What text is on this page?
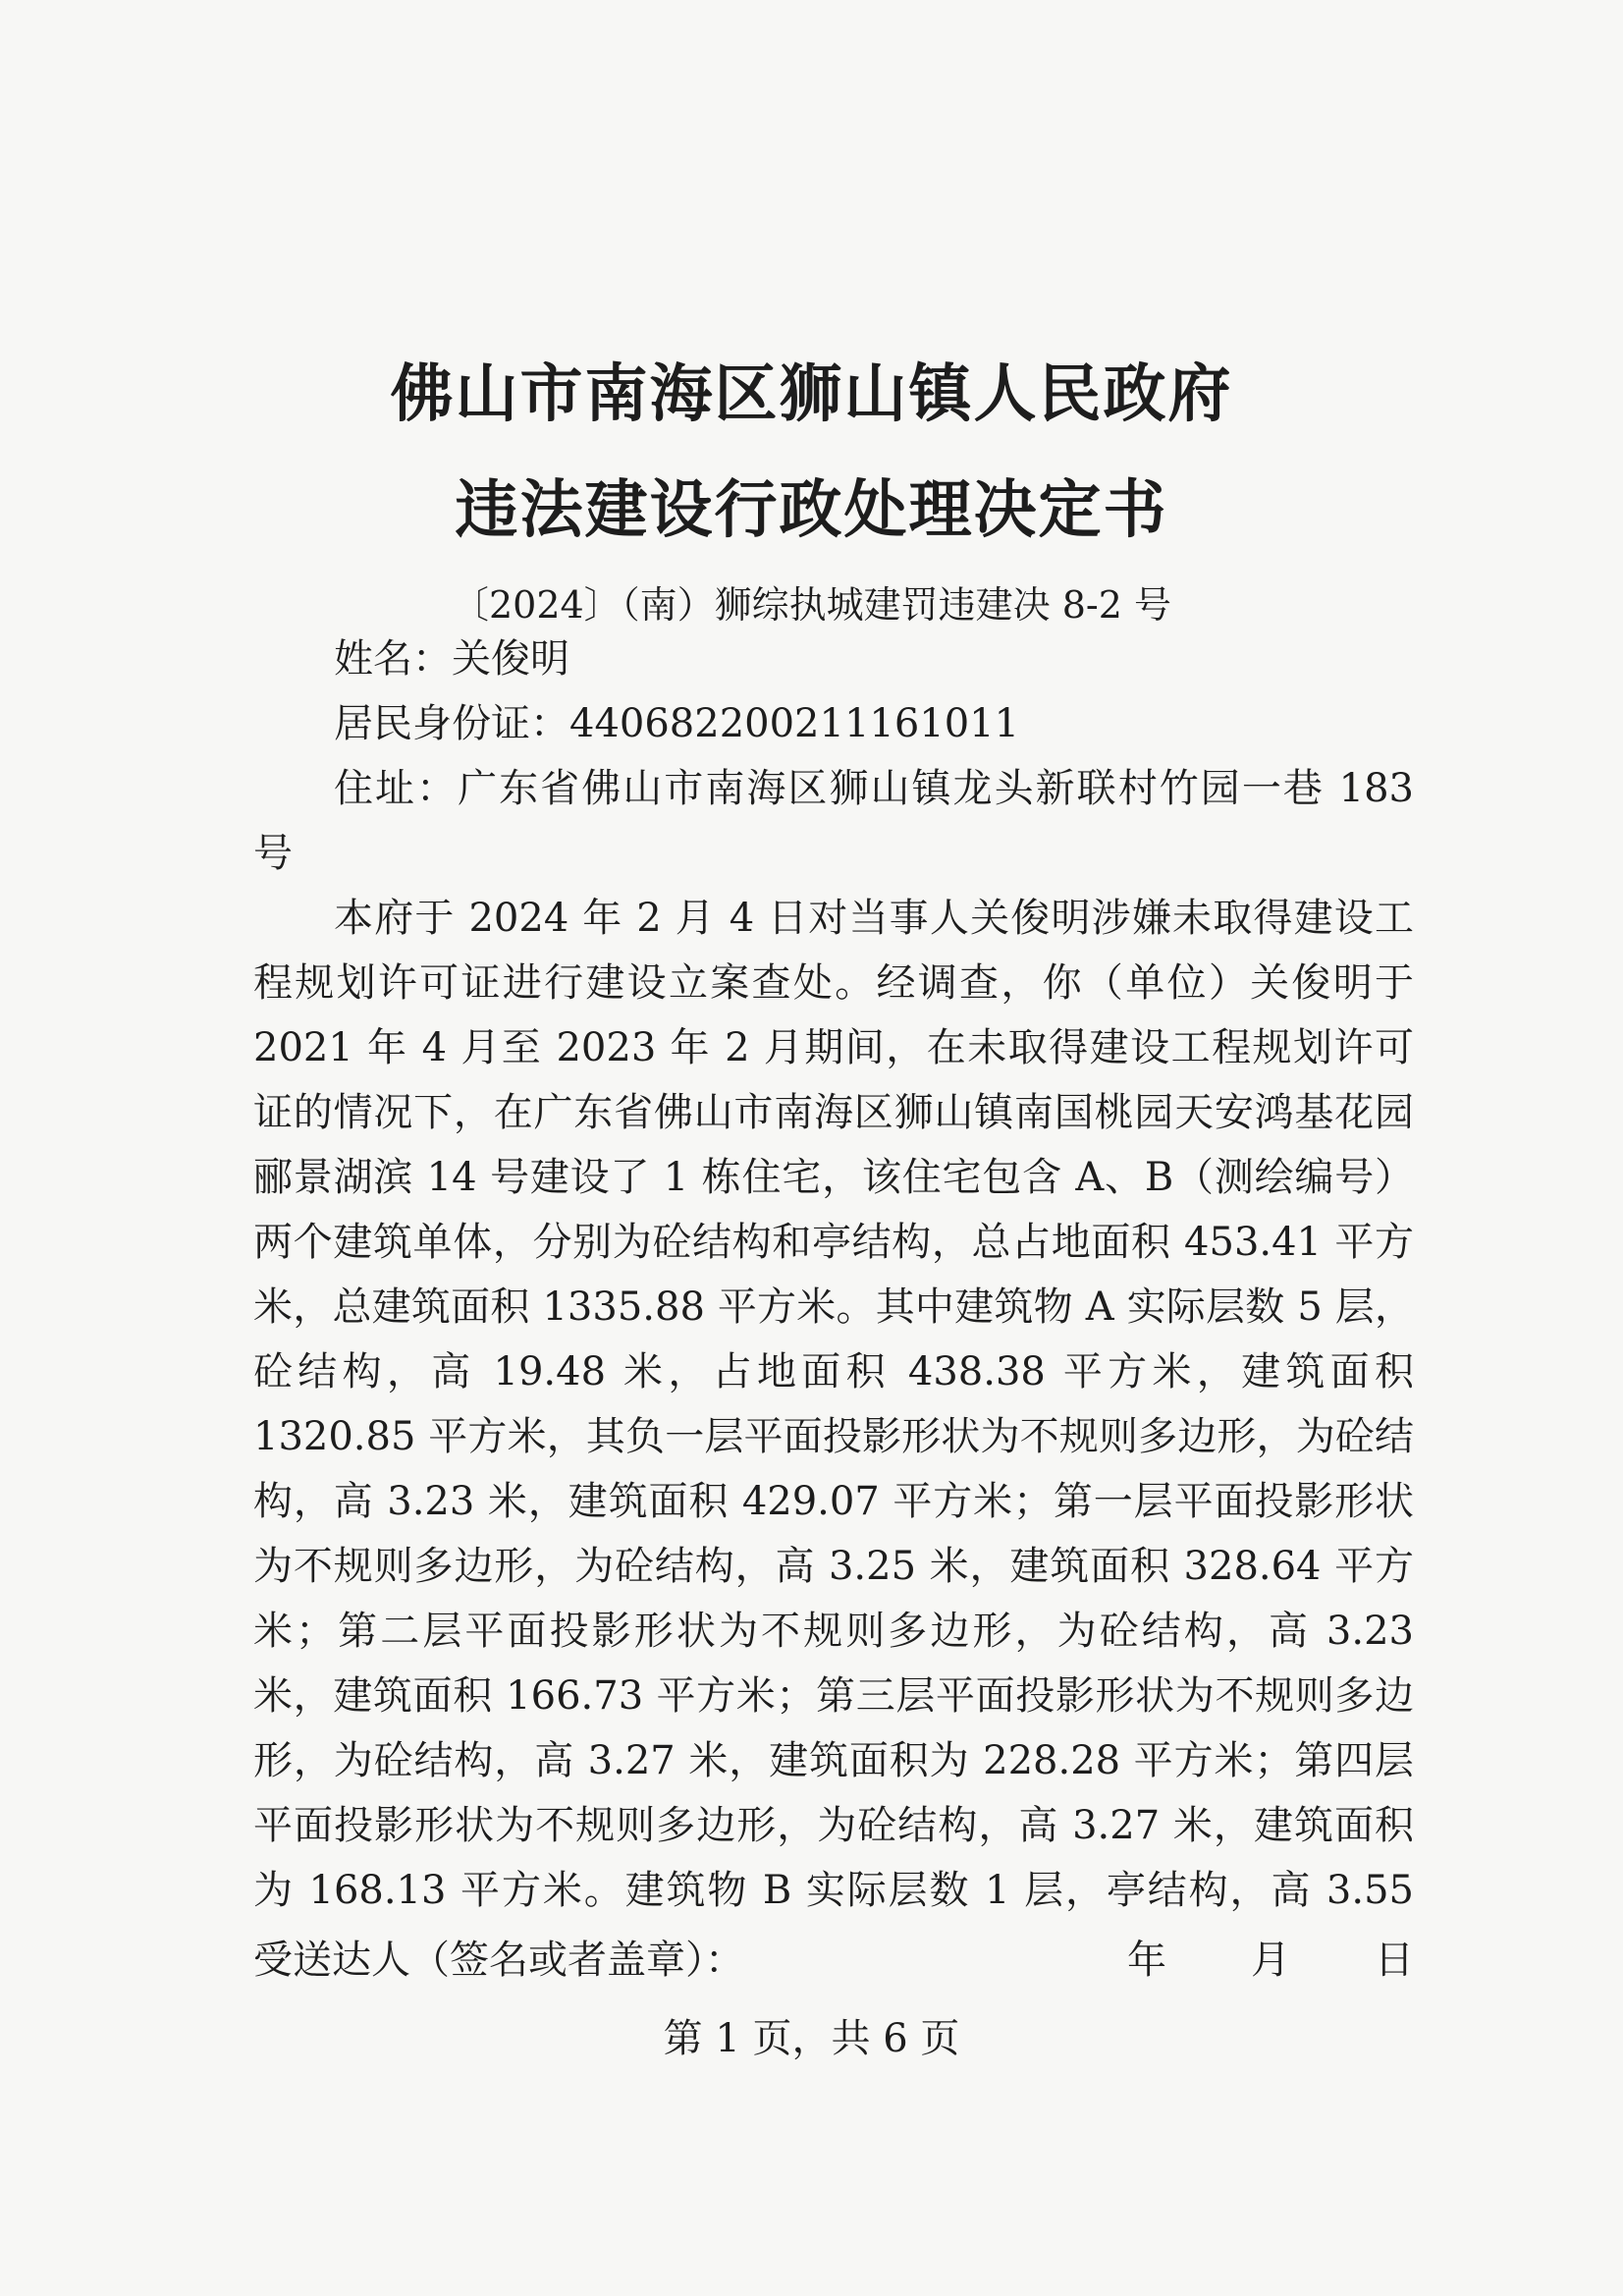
佛山市南海区狮山镇人民政府
违法建设行政处理决定书
〔2024〕（南）狮综执城建罚违建决 8-2 号
姓名：关俊明
居民身份证：440682200211161011
住址：广东省佛山市南海区狮山镇龙头新联村竹园一巷 183 号
本府于 2024 年 2 月 4 日对当事人关俊明涉嫌未取得建设工程规划许可证进行建设立案查处。经调查，你（单位）关俊明于 2021 年 4 月至 2023 年 2 月期间，在未取得建设工程规划许可证的情况下，在广东省佛山市南海区狮山镇南国桃园天安鸿基花园郦景湖滨 14 号建设了 1 栋住宅，该住宅包含 A、B（测绘编号）两个建筑单体，分别为砼结构和亭结构，总占地面积 453.41 平方米，总建筑面积 1335.88 平方米。其中建筑物 A 实际层数 5 层，砼结构，高 19.48 米，占地面积 438.38 平方米，建筑面积 1320.85 平方米，其负一层平面投影形状为不规则多边形，为砼结构，高 3.23 米，建筑面积 429.07 平方米；第一层平面投影形状为不规则多边形，为砼结构，高 3.25 米，建筑面积 328.64 平方米；第二层平面投影形状为不规则多边形，为砼结构，高 3.23 米，建筑面积 166.73 平方米；第三层平面投影形状为不规则多边形，为砼结构，高 3.27 米，建筑面积为 228.28 平方米；第四层平面投影形状为不规则多边形，为砼结构，高 3.27 米，建筑面积为 168.13 平方米。建筑物 B 实际层数 1 层，亭结构，高 3.55
受送达人（签名或者盖章）：	年 月 日
第 1 页，共 6 页
